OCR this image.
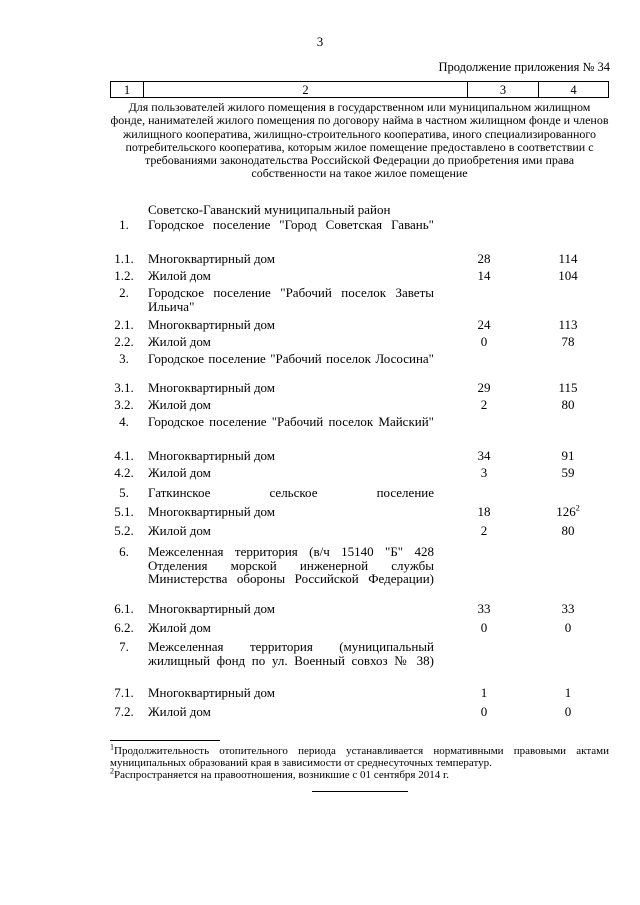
3
Продолжение приложения № 34
1	2	3	4
Для пользователей жилого помещения в государственном или муниципальном жилищном фонде, нанимателей жилого помещения по договору найма в частном жилищном фонде и членов жилищного кооператива, жилищно-строительного кооператива, иного специализированного потребительского кооператива, которым жилое помещение предоставлено в соответствии с требованиями законодательства Российской Федерации до приобретения ими права собственности на такое жилое помещение
Советско-Гаванский муниципальный район
1.	Городское поселение "Город Советская Гавань"
1.1.	Многоквартирный дом	28	114
1.2.	Жилой дом	14	104
2.	Городское поселение "Рабочий поселок Заветы Ильича"
2.1.	Многоквартирный дом	24	113
2.2.	Жилой дом	0	78
3.	Городское поселение "Рабочий поселок Лососина"
3.1.	Многоквартирный дом	29	115
3.2.	Жилой дом	2	80
4.	Городское поселение "Рабочий поселок Майский"
4.1.	Многоквартирный дом	34	91
4.2.	Жилой дом	3	59
5.	Гаткинское сельское поселение
5.1.	Многоквартирный дом	18	$126^2$
5.2.	Жилой дом	2	80
6.	Межселенная территория (в/ч 15140 "Б" 428 Отделения морской инженерной службы Министерства обороны Российской Федерации)
6.1.	Многоквартирный дом	33	33
6.2.	Жилой дом	0	0
7.	Межселенная территория (муниципальный жилищный фонд по ул. Военный совхоз № 38)
7.1.	Многоквартирный дом	1	1
7.2.	Жилой дом	0	0
$^1$Продолжительность отопительного периода устанавливается нормативными правовыми актами муниципальных образований края в зависимости от среднесуточных температур.
$^2$Распространяется на правоотношения, возникшие с 01 сентября 2014 г.
